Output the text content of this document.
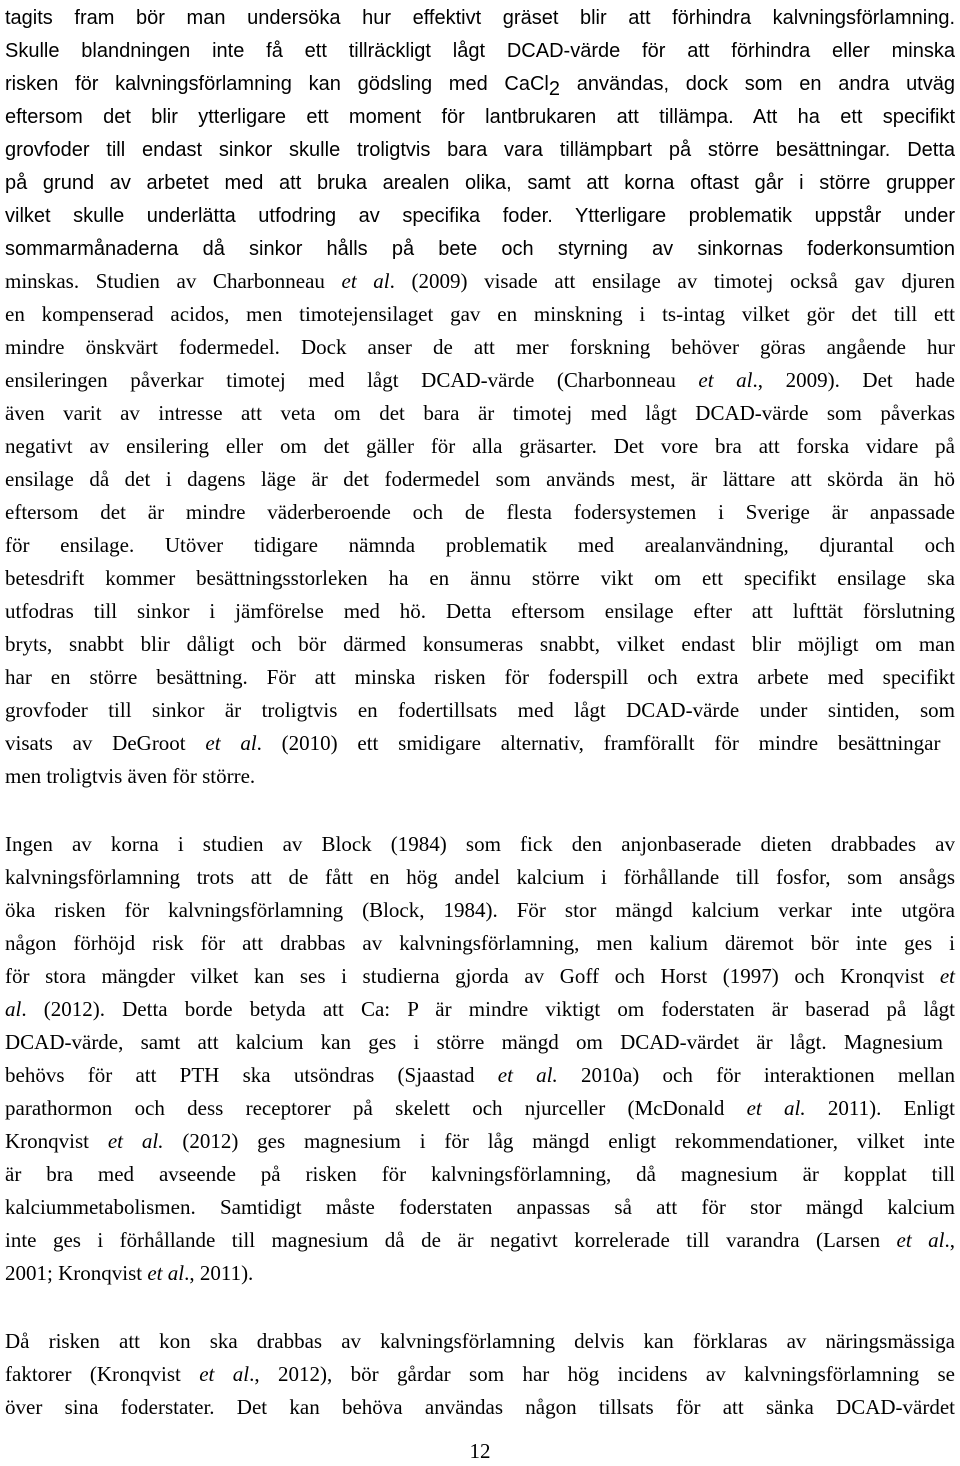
12
tagits fram bör man undersöka hur effektivt gräset blir att förhindra kalvningsförlamning.
Skulle blandningen inte få ett tillräckligt lågt DCAD-värde för att förhindra eller minska
risken för kalvningsförlamning kan gödsling med CaCl$_2$ användas, dock som en andra utväg
eftersom det blir ytterligare ett moment för lantbrukaren att tillämpa. Att ha ett specifikt
grovfoder till endast sinkor skulle troligtvis bara vara tillämpbart på större besättningar. Detta
på grund av arbetet med att bruka arealen olika, samt att korna oftast går i större grupper
vilket skulle underlätta utfodring av specifika foder. Ytterligare problematik uppstår under
sommarmånaderna då sinkor hålls på bete och styrning av sinkornas foderkonsumtion
minskas. Studien av Charbonneau et al. (2009) visade att ensilage av timotej också gav djuren
en kompenserad acidos, men timotejensilaget gav en minskning i ts-intag vilket gör det till ett
mindre önskvärt fodermedel. Dock anser de att mer forskning behöver göras angående hur
ensileringen påverkar timotej med lågt DCAD-värde (Charbonneau et al., 2009). Det hade
även varit av intresse att veta om det bara är timotej med lågt DCAD-värde som påverkas
negativt av ensilering eller om det gäller för alla gräsarter. Det vore bra att forska vidare på
ensilage då det i dagens läge är det fodermedel som används mest, är lättare att skörda än hö
eftersom det är mindre väderberoende och de flesta fodersystemen i Sverige är anpassade
för ensilage. Utöver tidigare nämnda problematik med arealanvändning, djurantal och
betesdrift kommer besättningsstorleken ha en ännu större vikt om ett specifikt ensilage ska
utfodras till sinkor i jämförelse med hö. Detta eftersom ensilage efter att lufttät förslutning
bryts, snabbt blir dåligt och bör därmed konsumeras snabbt, vilket endast blir möjligt om man
har en större besättning. För att minska risken för foderspill och extra arbete med specifikt
grovfoder till sinkor är troligtvis en fodertillsats med lågt DCAD-värde under sintiden, som
visats av DeGroot et al. (2010) ett smidigare alternativ, framförallt för mindre besättningar
men troligtvis även för större.
Ingen av korna i studien av Block (1984) som fick den anjonbaserade dieten drabbades av
kalvningsförlamning trots att de fått en hög andel kalcium i förhållande till fosfor, som ansågs
öka risken för kalvningsförlamning (Block, 1984). För stor mängd kalcium verkar inte utgöra
någon förhöjd risk för att drabbas av kalvningsförlamning, men kalium däremot bör inte ges i
för stora mängder vilket kan ses i studierna gjorda av Goff och Horst (1997) och Kronqvist et
al. (2012). Detta borde betyda att Ca: P är mindre viktigt om foderstaten är baserad på lågt
DCAD-värde, samt att kalcium kan ges i större mängd om DCAD-värdet är lågt. Magnesium
behövs för att PTH ska utsöndras (Sjaastad et al. 2010a) och för interaktionen mellan
parathormon och dess receptorer på skelett och njurceller (McDonald et al. 2011). Enligt
Kronqvist et al. (2012) ges magnesium i för låg mängd enligt rekommendationer, vilket inte
är bra med avseende på risken för kalvningsförlamning, då magnesium är kopplat till
kalciummetabolismen. Samtidigt måste foderstaten anpassas så att för stor mängd kalcium
inte ges i förhållande till magnesium då de är negativt korrelerade till varandra (Larsen et al.,
2001; Kronqvist et al., 2011).
Då risken att kon ska drabbas av kalvningsförlamning delvis kan förklaras av näringsmässiga
faktorer (Kronqvist et al., 2012), bör gårdar som har hög incidens av kalvningsförlamning se
över sina foderstater. Det kan behöva användas någon tillsats för att sänka DCAD-värdet
